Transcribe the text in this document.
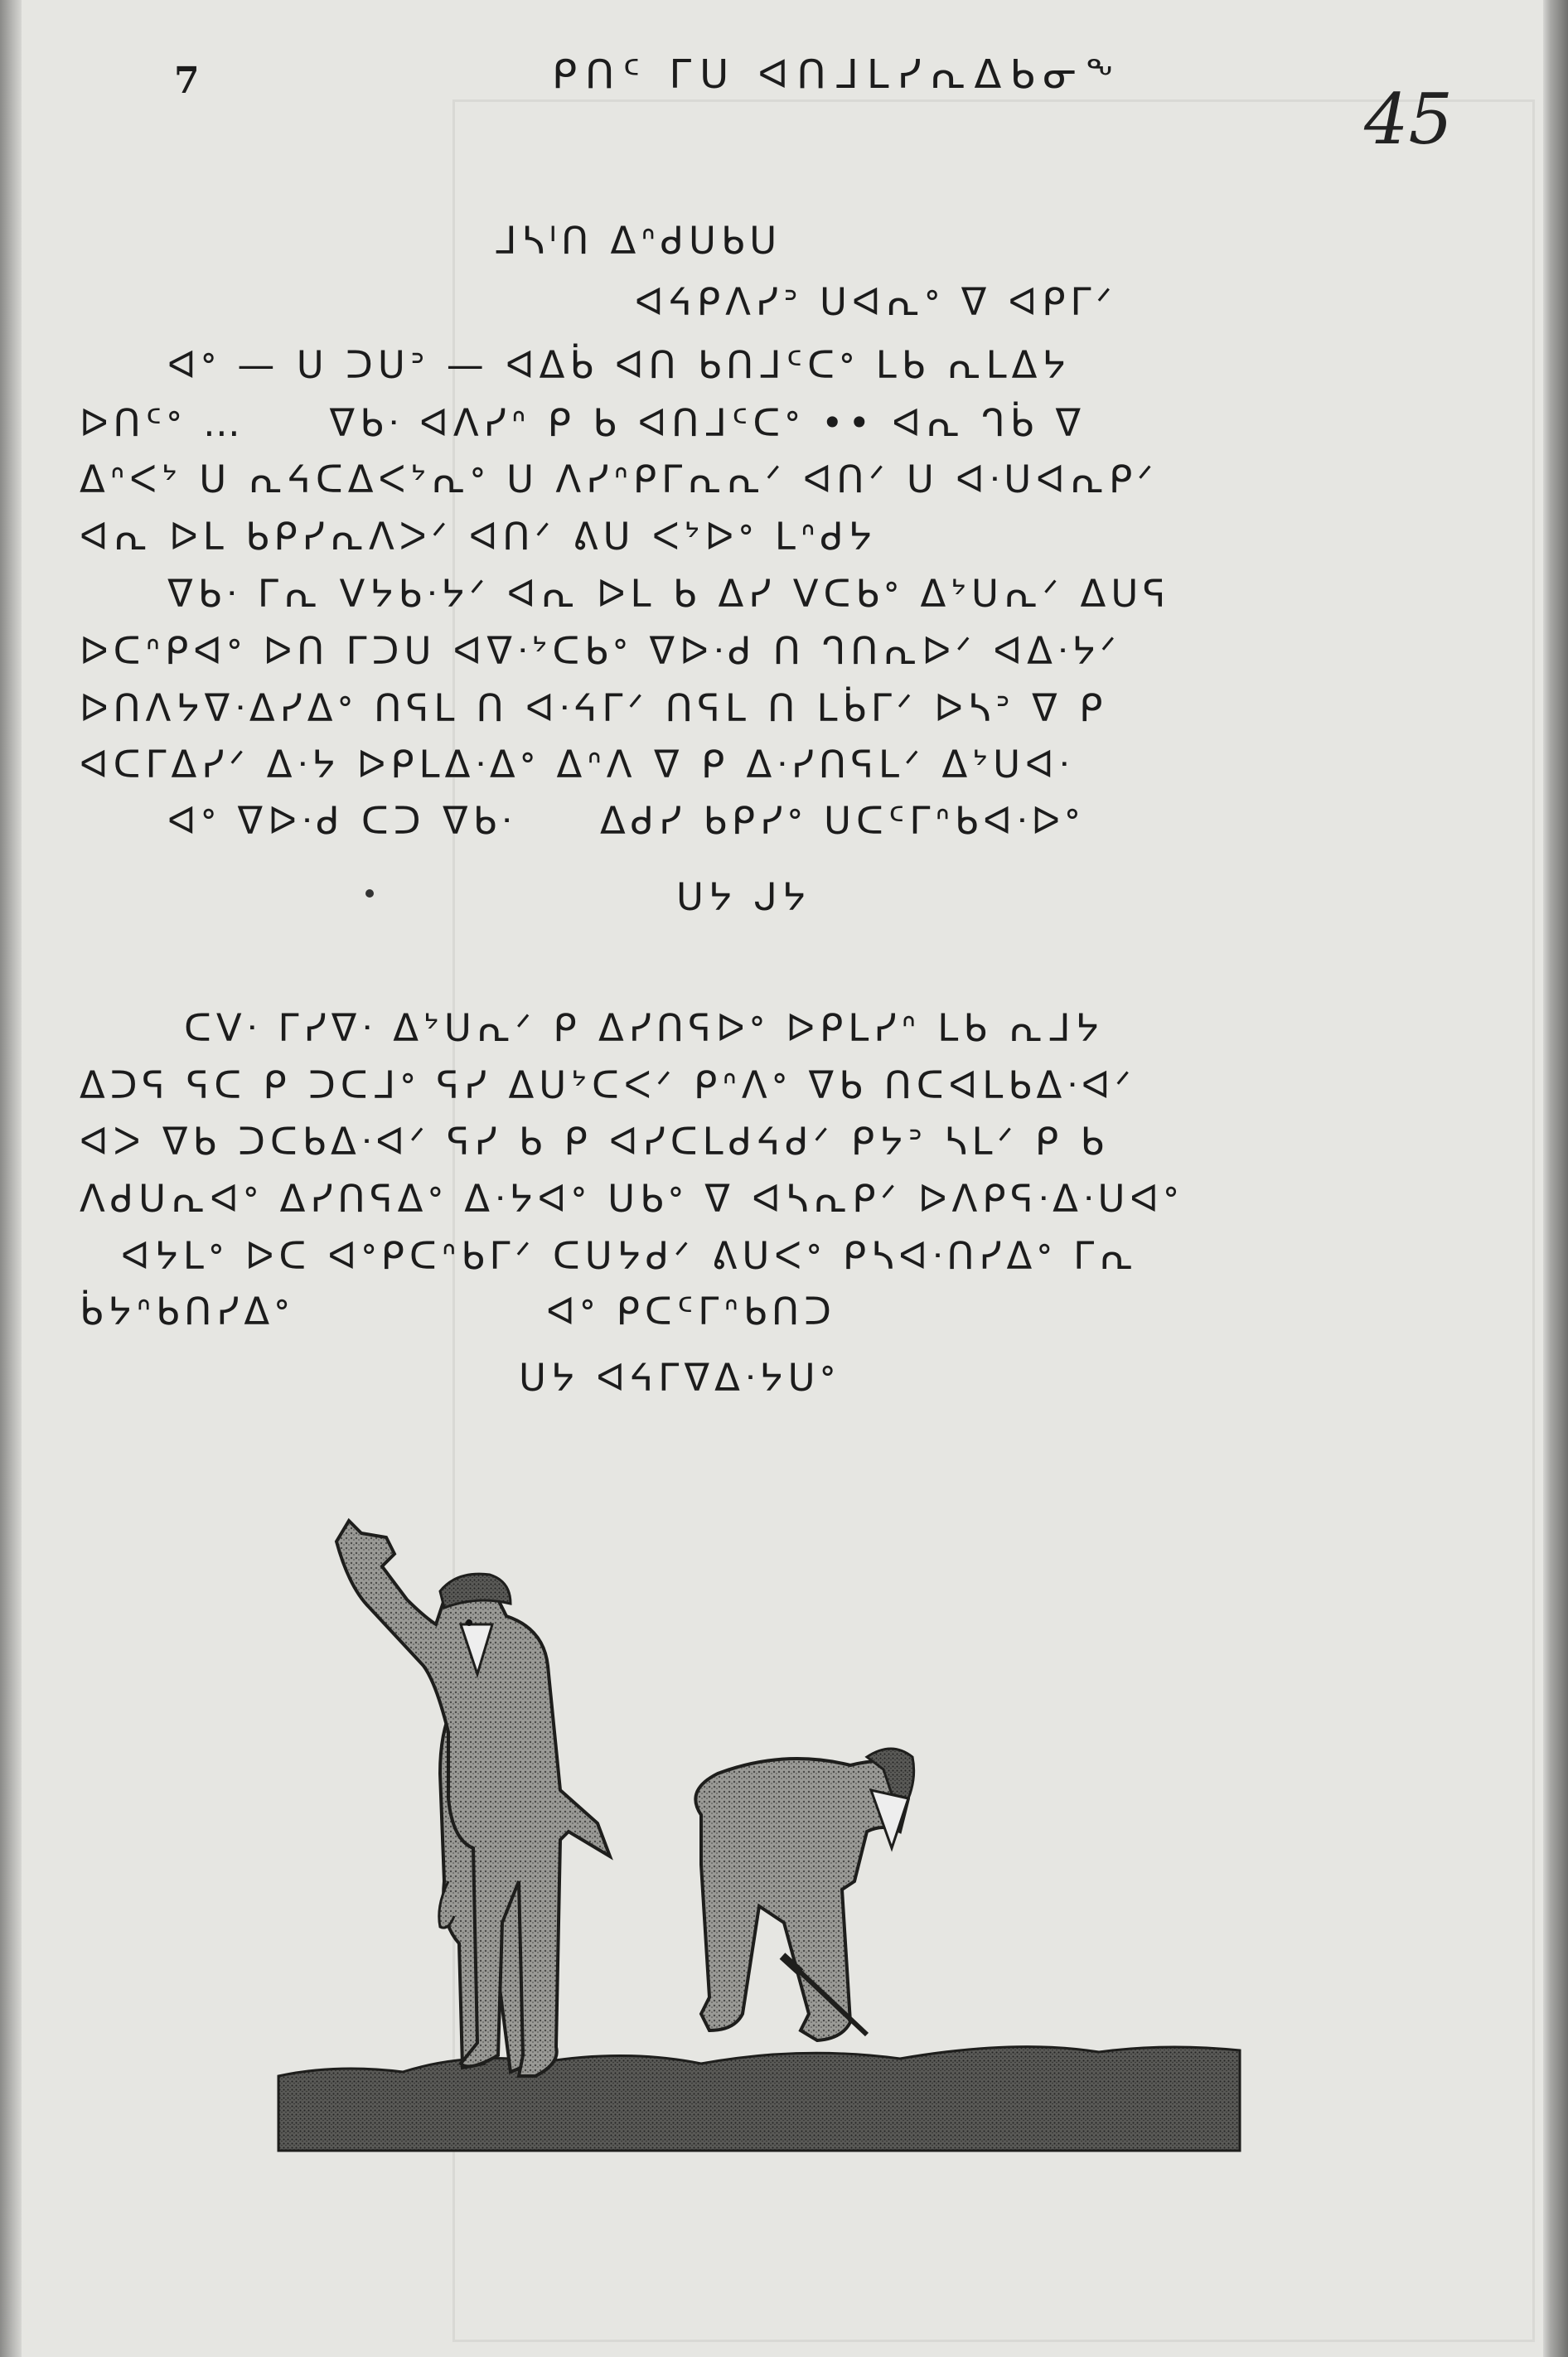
7	ᑭᑎᑦ ᒥᑌ ᐊᑎᒧᒪᓯᕆᐃᑲᓂᖕ
45
ᒧᓴᑊᑎ ᐃᐢᑯᑌᑲᑌ
ᐊᔦᑭᐱᓯᐣ ᑌᐊᕆᐤ ᐁ ᐊᑭᒥᐟ
ᐊᐤ — ᑌ ᑐᑌᐣ — ᐊᐃᑳ ᐊᑎ ᑲᑎᒧᑦᑕᐤ ᒪᑲ ᕆᒪᐃᔭ
ᐅᑎᑦᐤ …     ᐁᑲᐧ ᐊᐱᓯᐢ ᑭ ᑲ ᐊᑎᒧᑦᑕᐤ •• ᐊᕆ ᒉᑳ ᐁ
ᐃᐢᐸᔾ ᑌ ᕆᔦᑕᐃᐸᔾᕆᐤ ᑌ ᐱᓯᐢᑭᒥᕆᕆᐟ ᐊᑎᐟ ᑌ ᐊᐧᑌᐊᕆᑭᐟ
ᐊᕆ ᐅᒪ ᑲᑭᓯᕆᐱᐳᐟ ᐊᑎᐟ ᕕᑌ ᐸᔾᐅᐤ ᒪᐢᑯᔭ
ᐁᑲᐧ ᒥᕆ ᐯᔭᑲᐧᔭᐟ ᐊᕆ ᐅᒪ ᑲ ᐃᓯ ᐯᑕᑲᐤ ᐃᔾᑌᕆᐟ ᐃᑌᕋ
ᐅᑕᐢᑭᐊᐤ ᐅᑎ ᒥᑐᑌ ᐊᐁᐧᔾᑕᑲᐤ ᐁᐅᐧᑯ ᑎ ᒉᑎᕆᐅᐟ ᐊᐃᐧᔭᐟ
ᐅᑎᐱᔭᐁᐧᐃᓯᐃᐤ ᑎᕋᒪ ᑎ ᐊᐧᔦᒥᐟ ᑎᕋᒪ ᑎ ᒪᑳᒥᐟ ᐅᓴᐣ ᐁ ᑭ
ᐊᑕᒥᐃᓯᐟ ᐃᐧᔭ ᐅᑭᒪᐃᐧᐃᐤ ᐃᐢᐱ ᐁ ᑭ ᐃᐧᓯᑎᕋᒪᐟ ᐃᔾᑌᐊᐧ
ᐊᐤ ᐁᐅᐧᑯ ᑕᑐ ᐁᑲᐧ     ᐃᑯᓯ ᑲᑭᓯᐤ ᑌᑕᑦᒥᐢᑲᐊᐧᐅᐤ
ᑌᔭ ᒍᔭ
ᑕᐯᐧ ᒥᓯᐁᐧ ᐃᔾᑌᕆᐟ ᑭ ᐃᓯᑎᕋᐅᐤ ᐅᑭᒪᓯᐢ ᒪᑲ ᕆᒧᔭ
ᐃᑐᕋ ᕋᑕ ᑭ ᑐᑕᒧᐤ ᕋᓯ ᐃᑌᔾᑕᐸᐟ ᑭᐢᐱᐤ ᐁᑲ ᑎᑕᐊᒪᑲᐃᐧᐊᐟ
ᐊᐳ ᐁᑲ ᑐᑕᑲᐃᐧᐊᐟ ᕋᓯ ᑲ ᑭ ᐊᓯᑕᒪᑯᔦᑯᐟ ᑭᔭᐣ ᓴᒪᐟ ᑭ ᑲ
ᐱᑯᑌᕆᐊᐤ ᐃᓯᑎᕋᐃᐤ ᐃᐧᔭᐊᐤ ᑌᑲᐤ ᐁ ᐊᓴᕆᑭᐟ ᐅᐱᑭᕋᐧᐃᐧᑌᐊᐤ
ᐊᔭᒪᐤ ᐅᑕ ᐊᐤᑭᑕᐢᑲᒥᐟ ᑕᑌᔭᑯᐟ ᕕᑌᐸᐤ ᑭᓴᐊᐧᑎᓯᐃᐤ ᒥᕆ
ᑳᔭᐢᑲᑎᓯᐃᐤ               ᐊᐤ ᑭᑕᑦᒥᐢᑲᑎᑐ
ᑌᔭ ᐊᔦᒥᐁᐃᐧᔭᑌᐤ
